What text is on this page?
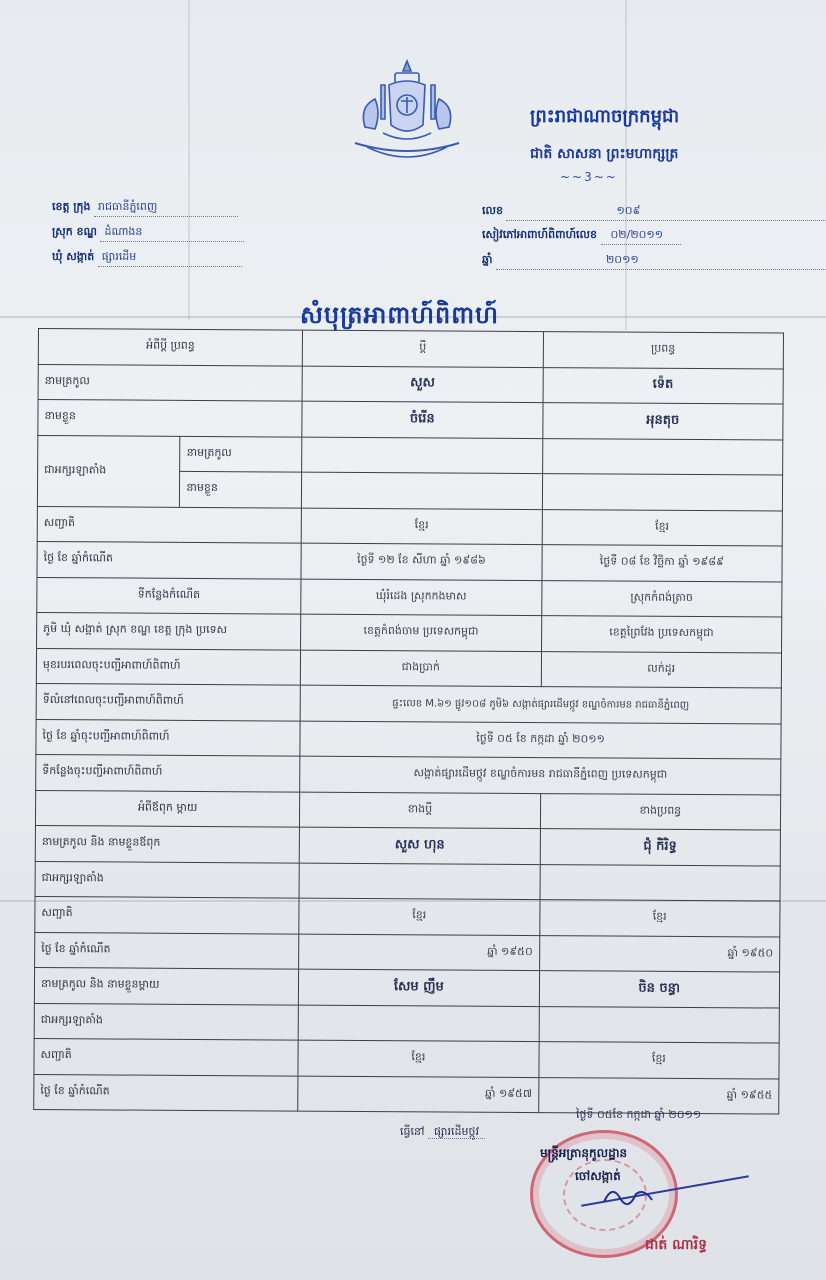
ព្រះរាជាណាចក្រកម្ពុជា
ជាតិ សាសនា ព្រះមហាក្សត្រ
~~3~~
ខេត្ត ក្រុង រាជធានីភ្នំពេញ
ស្រុក ខណ្ឌ ដំណាងន
ឃុំ សង្កាត់ ផ្សារដើម
លេខ	១០៩
សៀវភៅអាពាហ៍ពិពាហ៍លេខ ០២/២០១១
ឆ្នាំ	២០១១
សំបុត្រអាពាហ៍ពិពាហ៍
អំពីប្ដី ប្រពន្ធ		ប្ដី	ប្រពន្ធ
នាមត្រកូល		សួស	ទ៉េត
នាមខ្លួន		ចំរើន	អុនតុច
ជាអក្សរឡាតាំង	នាមត្រកូល		
	នាមខ្លួន		
សញ្ជាតិ		ខ្មែរ	ខ្មែរ
ថ្ងៃ ខែ ឆ្នាំកំណើត		ថ្ងៃទី ១២ ខែ សីហា ឆ្នាំ ១៩៨៦	ថ្ងៃទី ០៨ ខែ វិច្ឆិកា ឆ្នាំ ១៩៨៩
ទីកន្លែងកំណើត		ឃុំរំដេង ស្រុកកងមាស	ស្រុកកំពង់ត្រាច
ភូមិ ឃុំ សង្កាត់ ស្រុក ខណ្ឌ ខេត្ត ក្រុង ប្រទេស		ខេត្តកំពង់ចាម ប្រទេសកម្ពុជា	ខេត្តព្រៃវែង ប្រទេសកម្ពុជា
មុខរបរពេលចុះបញ្ជីអាពាហ៍ពិពាហ៍		ជាងប្រាក់	លក់ដូរ
ទីលំនៅពេលចុះបញ្ជីអាពាហ៍ពិពាហ៍		ផ្ទះលេខ M.៦១ ផ្លូវ១០៨ ភូមិ៦ សង្កាត់ផ្សារដើមថ្កូវ ខណ្ឌចំការមន រាជធានីភ្នំពេញ	
ថ្ងៃ ខែ ឆ្នាំចុះបញ្ជីអាពាហ៍ពិពាហ៍		ថ្ងៃទី ០៥ ខែ កក្កដា ឆ្នាំ ២០១១	
ទីកន្លែងចុះបញ្ជីអាពាហ៍ពិពាហ៍		សង្កាត់ផ្សារដើមថ្កូវ ខណ្ឌចំការមន រាជធានីភ្នំពេញ ប្រទេសកម្ពុជា	
អំពីឪពុក ម្ដាយ		ខាងប្ដី	ខាងប្រពន្ធ
នាមត្រកូល និង នាមខ្លួនឪពុក		សួស ហុន	ជុំ កិរិទ្ធ
ជាអក្សរឡាតាំង			
សញ្ជាតិ		ខ្មែរ	ខ្មែរ
ថ្ងៃ ខែ ឆ្នាំកំណើត		ឆ្នាំ ១៩៥០	ឆ្នាំ ១៩៥០
នាមត្រកូល និង នាមខ្លួនម្ដាយ		សែម ញឹម	ចិន ចន្ធា
ជាអក្សរឡាតាំង			
សញ្ជាតិ		ខ្មែរ	ខ្មែរ
ថ្ងៃ ខែ ឆ្នាំកំណើត		ឆ្នាំ ១៩៥៧	ឆ្នាំ ១៩៥៥
ធ្វើនៅ ផ្សារដើមថ្កូវ
ថ្ងៃទី ០៥ខែ កក្កដា ឆ្នាំ ២០១១
មន្ត្រីអត្រានុកូលដ្ឋាន
ចៅសង្កាត់
ជាត់ ណារិទ្ធ
